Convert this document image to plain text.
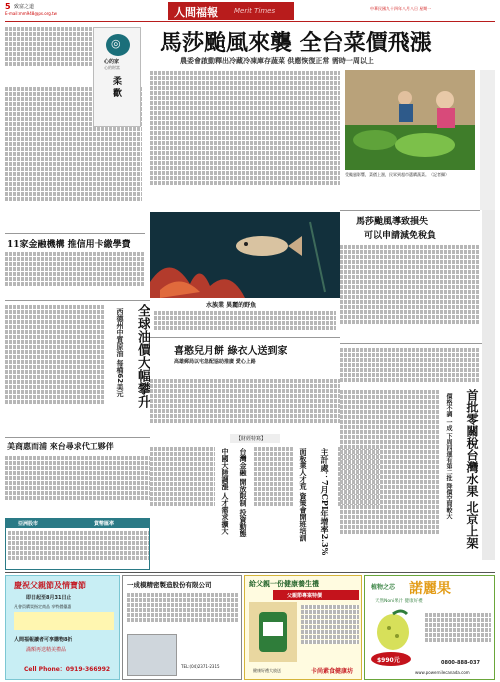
5 致富之道
E-mail:mm948@ps.org.tw	人間福報 Merit Times	中華民國九十四年八月八日 星期一
◎
心的家
心的財富
柔 歡
11家金融機構 推信用卡繳學費
水族業 異麗的野魚
馬莎颱風來襲 全台菜價飛漲
農委會啟動釋出冷藏冷凍庫存蔬菜 供應恢復正常 需時一周以上
受颱風影響，菜價上漲，民眾到超市選購蔬菜。（記者攝）
馬莎颱風導致損失
可以申請減免稅負
全球油價大幅攀升
西德州中質原油 每桶62美元
美商惠而浦 來台尋求代工夥伴
亞洲股市	貨幣匯率
喜憨兒月餅 綠衣人送到家
高雄郵局以宅急配協助推廣 愛心上路
【財經特寫】
中國大陸調漲 人才需求擴大 台灣金融 開放限制 投資動態	面板業人才荒 資策會開班培訓 主計處：7月CPI年增率2.3%	首批零關稅台灣水果 北京上架
價格不調 一成 下周四運有第二批 降價空間較大
慶祝父親節及情寶節
即日起至8月31日止
凡會員購買指定商品 享特價優惠
人間福報讀者可享購物8折
滿額再送精美禮品
Cell Phone：0919-366992
一成模精密製造股份有限公司
TEL:(04)2371-2315
給父親一份健康養生禮
父親節專案特價
健康好禮大放送	卡尚素食健康坊
植物之芯 諾麗果
天然Noni果汁 健康好禮
$990元	0800-888-037
www.powernilecanada.com
